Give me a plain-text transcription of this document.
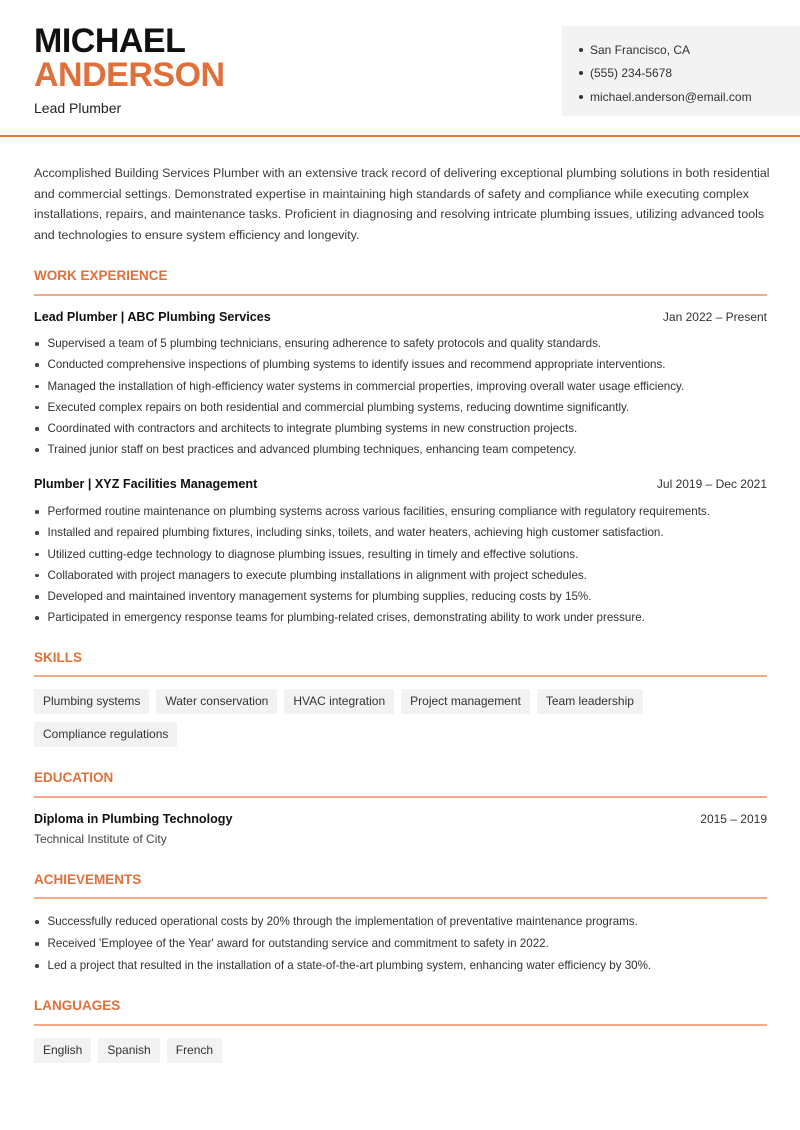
MICHAEL
ANDERSON
Lead Plumber
San Francisco, CA
(555) 234-5678
michael.anderson@email.com

Accomplished Building Services Plumber with an extensive track record of delivering exceptional plumbing solutions in both residential and commercial settings. Demonstrated expertise in maintaining high standards of safety and compliance while executing complex installations, repairs, and maintenance tasks. Proficient in diagnosing and resolving intricate plumbing issues, utilizing advanced tools and technologies to ensure system efficiency and longevity.

WORK EXPERIENCE
Lead Plumber | ABC Plumbing Services	Jan 2022 – Present
Supervised a team of 5 plumbing technicians, ensuring adherence to safety protocols and quality standards.
Conducted comprehensive inspections of plumbing systems to identify issues and recommend appropriate interventions.
Managed the installation of high-efficiency water systems in commercial properties, improving overall water usage efficiency.
Executed complex repairs on both residential and commercial plumbing systems, reducing downtime significantly.
Coordinated with contractors and architects to integrate plumbing systems in new construction projects.
Trained junior staff on best practices and advanced plumbing techniques, enhancing team competency.
Plumber | XYZ Facilities Management	Jul 2019 – Dec 2021
Performed routine maintenance on plumbing systems across various facilities, ensuring compliance with regulatory requirements.
Installed and repaired plumbing fixtures, including sinks, toilets, and water heaters, achieving high customer satisfaction.
Utilized cutting-edge technology to diagnose plumbing issues, resulting in timely and effective solutions.
Collaborated with project managers to execute plumbing installations in alignment with project schedules.
Developed and maintained inventory management systems for plumbing supplies, reducing costs by 15%.
Participated in emergency response teams for plumbing-related crises, demonstrating ability to work under pressure.
SKILLS
Plumbing systems	Water conservation	HVAC integration	Project management	Team leadership
Compliance regulations
EDUCATION
Diploma in Plumbing Technology	2015 – 2019
Technical Institute of City
ACHIEVEMENTS
Successfully reduced operational costs by 20% through the implementation of preventative maintenance programs.
Received 'Employee of the Year' award for outstanding service and commitment to safety in 2022.
Led a project that resulted in the installation of a state-of-the-art plumbing system, enhancing water efficiency by 30%.
LANGUAGES
English	Spanish	French
